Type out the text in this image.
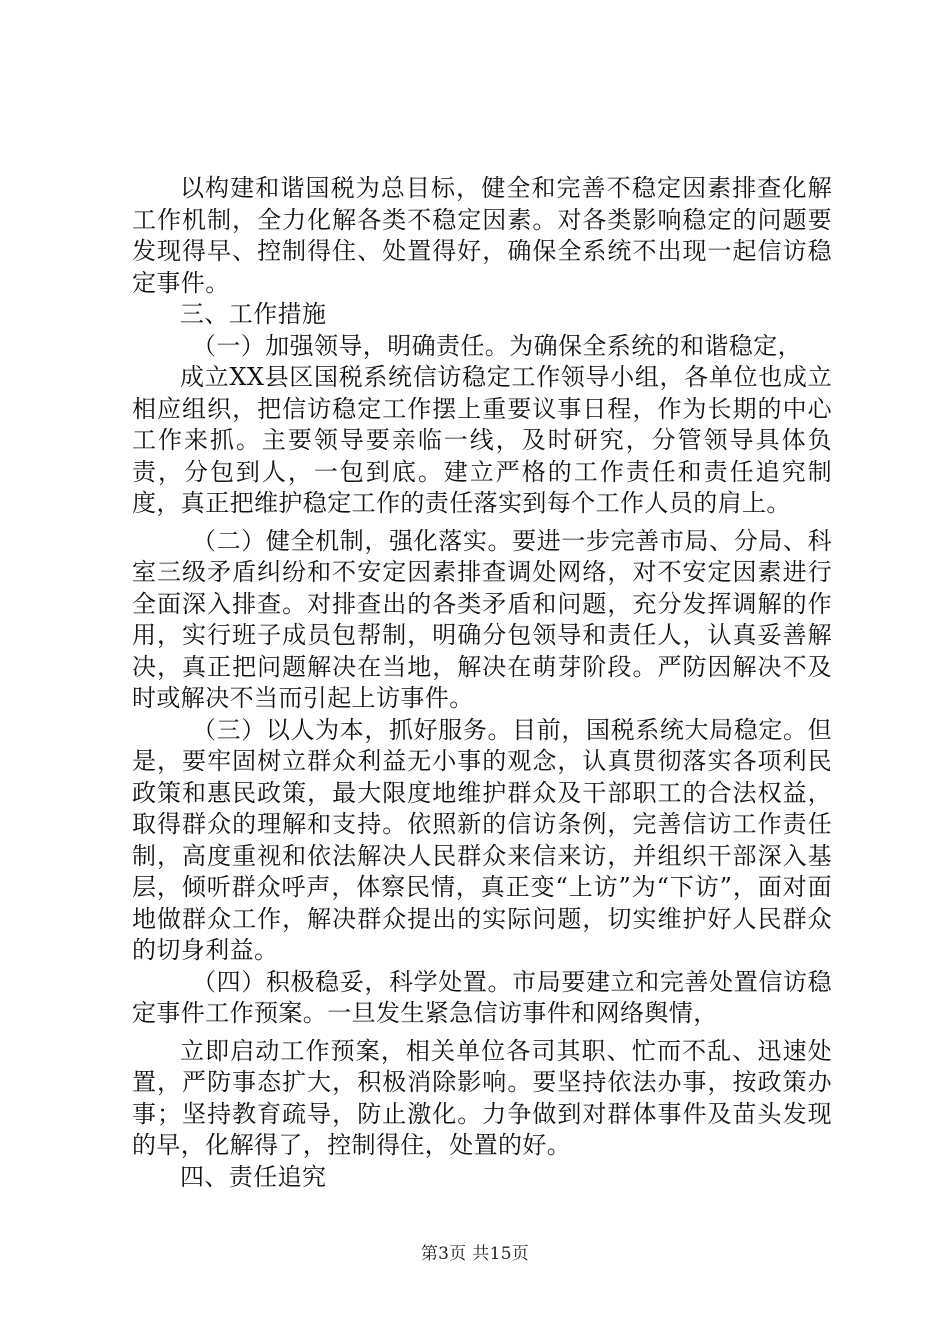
以构建和谐国税为总目标，健全和完善不稳定因素排查化解工作机制，全力化解各类不稳定因素。对各类影响稳定的问题要发现得早、控制得住、处置得好，确保全系统不出现一起信访稳定事件。

三、工作措施

（一）加强领导，明确责任。为确保全系统的和谐稳定，

成立XX县区国税系统信访稳定工作领导小组，各单位也成立相应组织，把信访稳定工作摆上重要议事日程，作为长期的中心工作来抓。主要领导要亲临一线，及时研究，分管领导具体负责，分包到人，一包到底。建立严格的工作责任和责任追究制度，真正把维护稳定工作的责任落实到每个工作人员的肩上。

（二）健全机制，强化落实。要进一步完善市局、分局、科室三级矛盾纠纷和不安定因素排查调处网络，对不安定因素进行全面深入排查。对排查出的各类矛盾和问题，充分发挥调解的作用，实行班子成员包帮制，明确分包领导和责任人，认真妥善解决，真正把问题解决在当地，解决在萌芽阶段。严防因解决不及时或解决不当而引起上访事件。

（三）以人为本，抓好服务。目前，国税系统大局稳定。但是，要牢固树立群众利益无小事的观念，认真贯彻落实各项利民政策和惠民政策，最大限度地维护群众及干部职工的合法权益，取得群众的理解和支持。依照新的信访条例，完善信访工作责任制，高度重视和依法解决人民群众来信来访，并组织干部深入基层，倾听群众呼声，体察民情，真正变“上访”为“下访”，面对面地做群众工作，解决群众提出的实际问题，切实维护好人民群众的切身利益。

（四）积极稳妥，科学处置。市局要建立和完善处置信访稳定事件工作预案。一旦发生紧急信访事件和网络舆情，

立即启动工作预案，相关单位各司其职、忙而不乱、迅速处置，严防事态扩大，积极消除影响。要坚持依法办事，按政策办事；坚持教育疏导，防止激化。力争做到对群体事件及苗头发现的早，化解得了，控制得住，处置的好。

四、责任追究

第3页 共15页
